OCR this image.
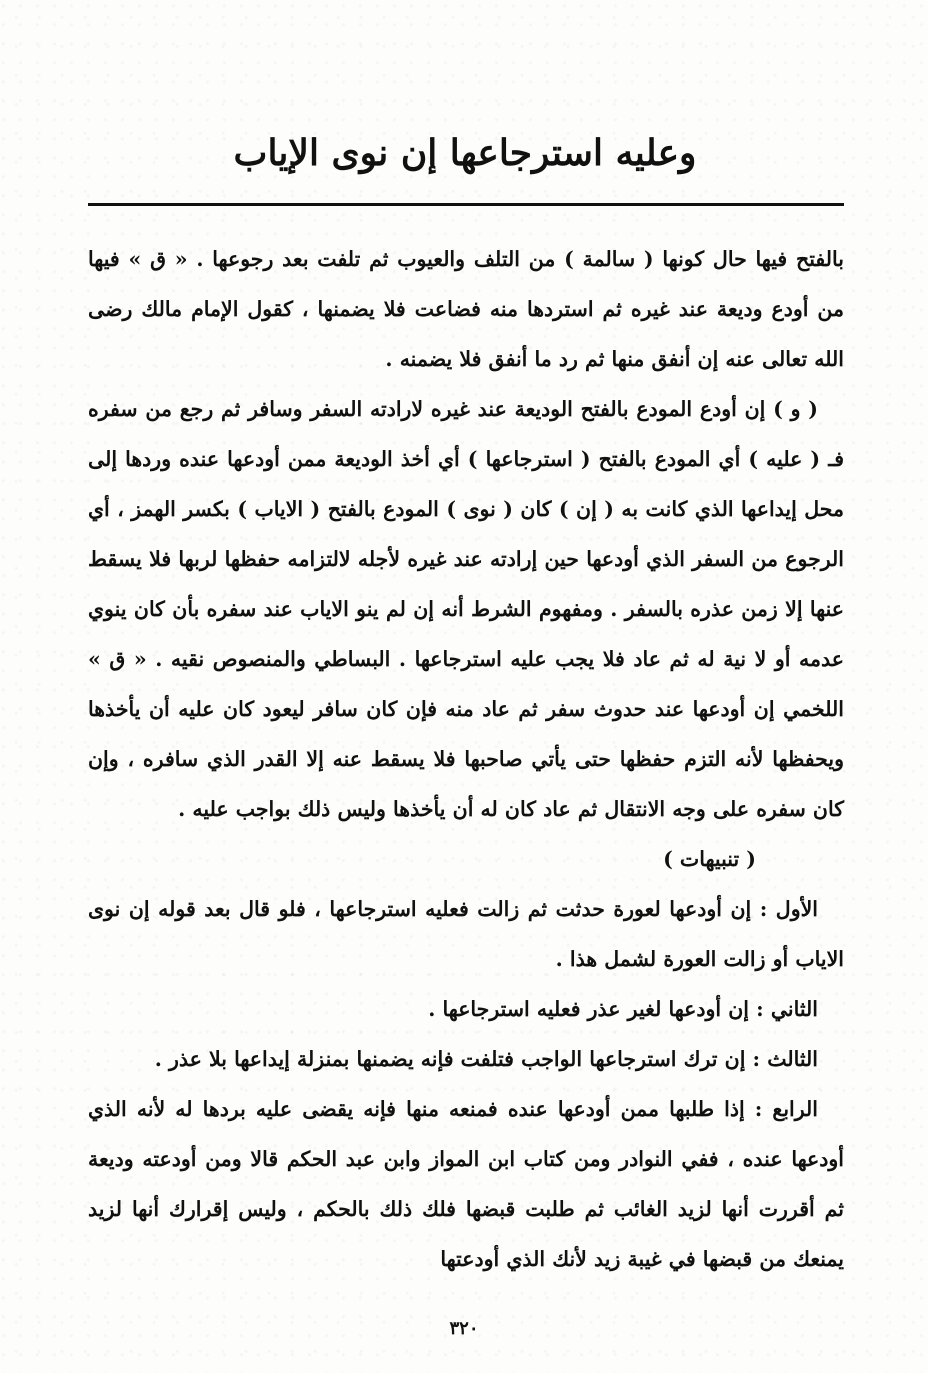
وعليه استرجاعها إن نوى الإياب

بالفتح فيها حال كونها ( سالمة ) من التلف والعيوب ثم تلفت بعد رجوعها . « ق » فيها من أودع وديعة عند غيره ثم استردها منه فضاعت فلا يضمنها ، كقول الإمام مالك رضى الله تعالى عنه إن أنفق منها ثم رد ما أنفق فلا يضمنه .

( و ) إن أودع المودع بالفتح الوديعة عند غيره لارادته السفر وسافر ثم رجع من سفره فـ ( عليه ) أي المودع بالفتح ( استرجاعها ) أي أخذ الوديعة ممن أودعها عنده وردها إلى محل إيداعها الذي كانت به ( إن ) كان ( نوى ) المودع بالفتح ( الاياب ) بكسر الهمز ، أي الرجوع من السفر الذي أودعها حين إرادته عند غيره لأجله لالتزامه حفظها لربها فلا يسقط عنها إلا زمن عذره بالسفر . ومفهوم الشرط أنه إن لم ينو الاياب عند سفره بأن كان ينوي عدمه أو لا نية له ثم عاد فلا يجب عليه استرجاعها . البساطي والمنصوص نقيه . « ق » اللخمي إن أودعها عند حدوث سفر ثم عاد منه فإن كان سافر ليعود كان عليه أن يأخذها ويحفظها لأنه التزم حفظها حتى يأتي صاحبها فلا يسقط عنه إلا القدر الذي سافره ، وإن كان سفره على وجه الانتقال ثم عاد كان له أن يأخذها وليس ذلك بواجب عليه .

( تنبيهات )

الأول : إن أودعها لعورة حدثت ثم زالت فعليه استرجاعها ، فلو قال بعد قوله إن نوى الاياب أو زالت العورة لشمل هذا .

الثاني : إن أودعها لغير عذر فعليه استرجاعها .

الثالث : إن ترك استرجاعها الواجب فتلفت فإنه يضمنها بمنزلة إيداعها بلا عذر .

الرابع : إذا طلبها ممن أودعها عنده فمنعه منها فإنه يقضى عليه بردها له لأنه الذي أودعها عنده ، ففي النوادر ومن كتاب ابن المواز وابن عبد الحكم قالا ومن أودعته وديعة ثم أقررت أنها لزيد الغائب ثم طلبت قبضها فلك ذلك بالحكم ، وليس إقرارك أنها لزيد يمنعك من قبضها في غيبة زيد لأنك الذي أودعتها

٣٢٠
